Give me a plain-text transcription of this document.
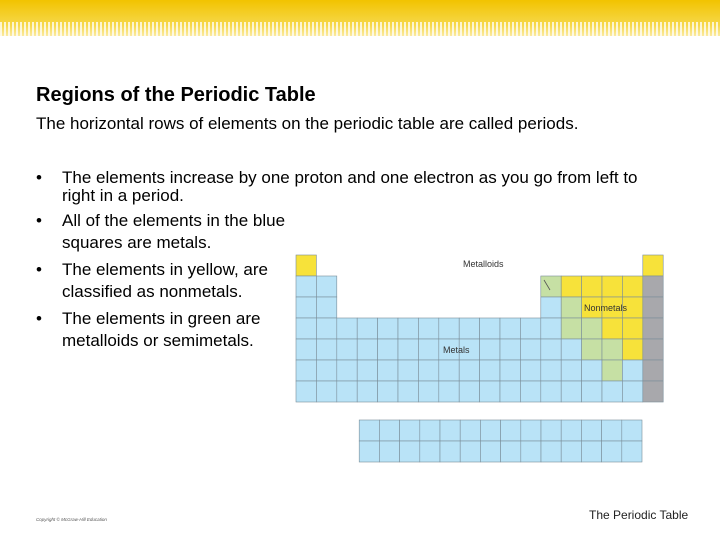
Regions of the Periodic Table
The horizontal rows of elements on the periodic table are called periods.
• The elements increase by one proton and one electron as you go from left to right in a period.
• All of the elements in the blue squares are metals.
• The elements in yellow, are classified as nonmetals.
• The elements in green are metalloids or semimetals.
Metalloids
Nonmetals
Metals
Copyright © McGraw-Hill Education	The Periodic Table
